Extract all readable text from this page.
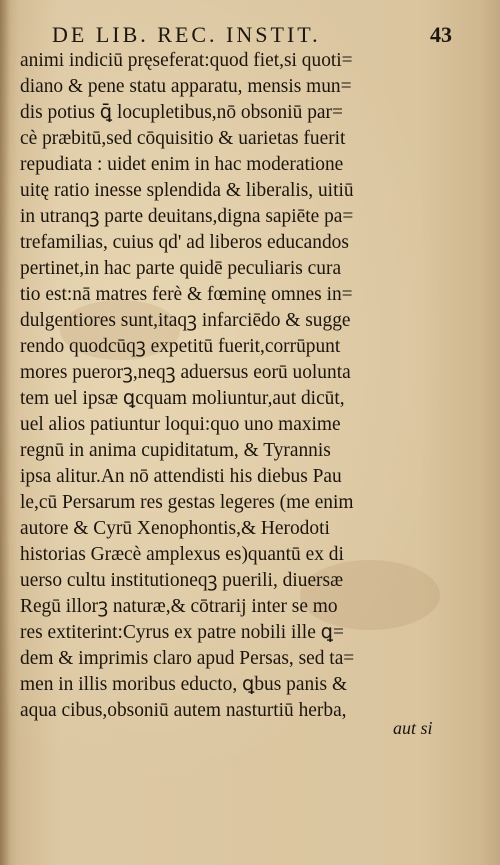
DE LIB. REC. INSTIT.	43
animi indiciū pręseferat:quod fiet,si quoti=
diano & pene statu apparatu, mensis mun=
dis potius ꝗ̄ locupletibus,nō obsoniū par=
cè præbitū,sed cōquisitio & uarietas fuerit
repudiata : uidet enim in hac moderatione
uitę ratio inesse splendida & liberalis, uitiū
in utranqꝫ parte deuitans,digna sapiēte pa=
trefamilias, cuius qd' ad liberos educandos
pertinet,in hac parte quidē peculiaris cura
tio est:nā matres ferè & fœminę omnes in=
dulgentiores sunt,itaqꝫ infarciēdo & sugge
rendo quodcūqꝫ expetitū fuerit,corrūpunt
mores puerorꝫ,neqꝫ aduersus eorū uolunta
tem uel ipsæ ꝗcquam moliuntur,aut dicūt,
uel alios patiuntur loqui:quo uno maxime
regnū in anima cupiditatum, & Tyrannis
ipsa alitur.An nō attendisti his diebus Pau
le,cū Persarum res gestas legeres (me enim
autore & Cyrū Xenophontis,& Herodoti
historias Græcè amplexus es)quantū ex di
uerso cultu institutioneqꝫ puerili, diuersæ
Regū illorꝫ naturæ,& cōtrarij inter se mo
res extiterint:Cyrus ex patre nobili ille ꝗ=
dem & imprimis claro apud Persas, sed ta=
men in illis moribus educto, ꝗbus panis &
aqua cibus,obsoniū autem nasturtiū herba,
aut si
